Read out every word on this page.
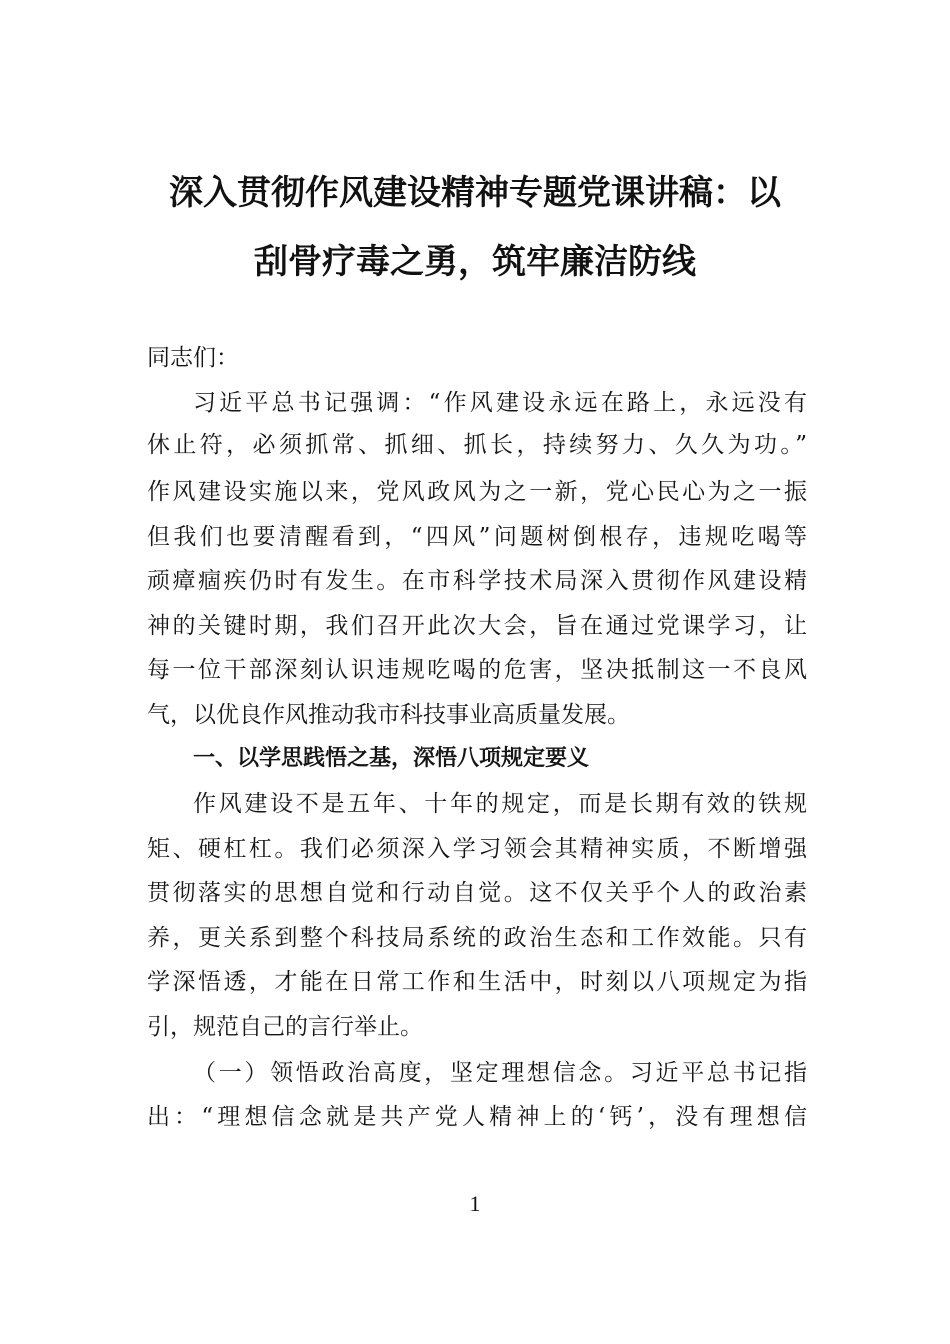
深入贯彻作风建设精神专题党课讲稿：以
刮骨疗毒之勇，筑牢廉洁防线
同志们：
习近平总书记强调：“作风建设永远在路上，永远没有
休止符，必须抓常、抓细、抓长，持续努力、久久为功。”
作风建设实施以来，党风政风为之一新，党心民心为之一振
但我们也要清醒看到，“四风”问题树倒根存，违规吃喝等
顽瘴痼疾仍时有发生。在市科学技术局深入贯彻作风建设精
神的关键时期，我们召开此次大会，旨在通过党课学习，让
每一位干部深刻认识违规吃喝的危害，坚决抵制这一不良风
气，以优良作风推动我市科技事业高质量发展。
一、以学思践悟之基，深悟八项规定要义
作风建设不是五年、十年的规定，而是长期有效的铁规
矩、硬杠杠。我们必须深入学习领会其精神实质，不断增强
贯彻落实的思想自觉和行动自觉。这不仅关乎个人的政治素
养，更关系到整个科技局系统的政治生态和工作效能。只有
学深悟透，才能在日常工作和生活中，时刻以八项规定为指
引，规范自己的言行举止。
（一）领悟政治高度，坚定理想信念。习近平总书记指
出：“理想信念就是共产党人精神上的‘钙’，没有理想信
1
